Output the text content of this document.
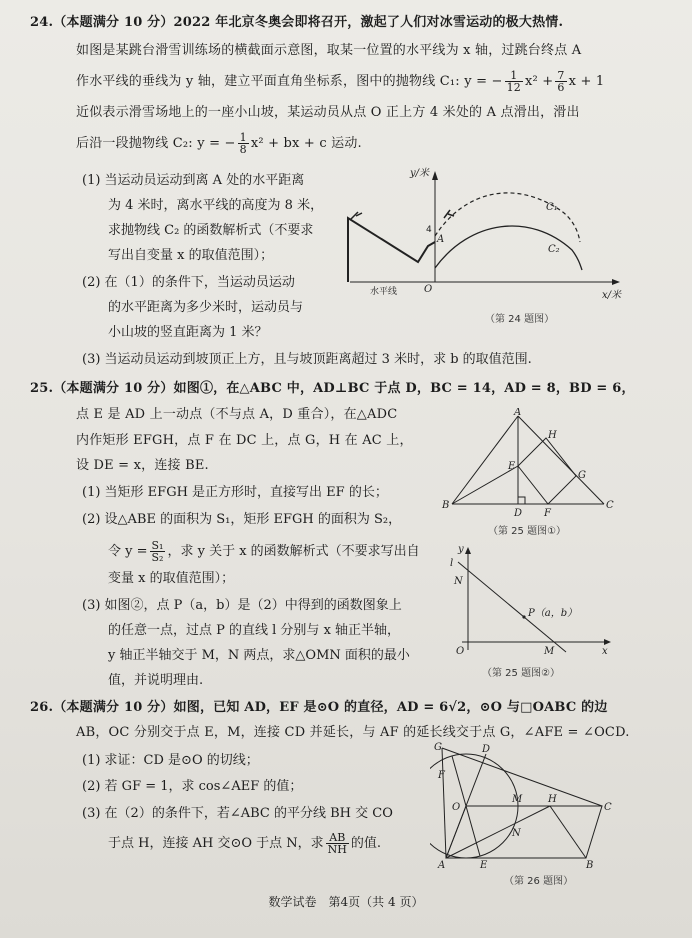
24.（本题满分 10 分）2022 年北京冬奥会即将召开，激起了人们对冰雪运动的极大热情.
如图是某跳台滑雪训练场的横截面示意图，取某一位置的水平线为 x 轴，过跳台终点 A
作水平线的垂线为 y 轴，建立平面直角坐标系，图中的抛物线 C₁: y = − $\frac{1}{12} x^2 + \frac{7}{6}$ x + 1
近似表示滑雪场地上的一座小山坡，某运动员从点 O 正上方 4 米处的 A 点滑出，滑出
后沿一段抛物线 C₂: y = − $\frac{1}{8} x^2$ + bx + c 运动.
(1) 当运动员运动到离 A 处的水平距离
为 4 米时，离水平线的高度为 8 米，
求抛物线 C₂ 的函数解析式（不要求
写出自变量 x 的取值范围）；
(2) 在（1）的条件下，当运动员运动
的水平距离为多少米时，运动员与
小山坡的竖直距离为 1 米？
(3) 当运动员运动到坡顶正上方，且与坡顶距离超过 3 米时，求 b 的取值范围.
y/米
x/米
水平线
A
O
4
C₁
C₂
（第 24 题图）
25.（本题满分 10 分）如图①，在△ABC 中，AD⊥BC 于点 D，BC = 14，AD = 8，BD = 6，
点 E 是 AD 上一动点（不与点 A，D 重合），在△ADC
内作矩形 EFGH，点 F 在 DC 上，点 G，H 在 AC 上，
设 DE = x，连接 BE.
(1) 当矩形 EFGH 是正方形时，直接写出 EF 的长；
(2) 设△ABE 的面积为 S₁，矩形 EFGH 的面积为 S₂，
令 $y = \frac{\text{S₁}}{\text{S₂}}$ ，求 y 关于 x 的函数解析式（不要求写出自
变量 x 的取值范围）；
(3) 如图②，点 P（a，b）是（2）中得到的函数图象上
的任意一点，过点 P 的直线 l 分别与 x 轴正半轴，
y 轴正半轴交于 M，N 两点，求△OMN 面积的最小
值，并说明理由.
A
B	C
D
E
F
G
H
（第 25 题图①）
y
l
N
P（a，b）
O	M	x
（第 25 题图②）
26.（本题满分 10 分）如图，已知 AD，EF 是⊙O 的直径，AD = 6√2，⊙O 与□OABC 的边
AB，OC 分别交于点 E，M，连接 CD 并延长，与 AF 的延长线交于点 G，∠AFE = ∠OCD.
(1) 求证：CD 是⊙O 的切线；
(2) 若 GF = 1，求 cos∠AEF 的值；
(3) 在（2）的条件下，若∠ABC 的平分线 BH 交 CO
于点 H，连接 AH 交⊙O 于点 N，求 $\frac{AB}{NH}$ 的值.
G	D
F
O
M	H
C
N
A	E	B
（第 26 题图）
数学试卷　第4页（共 4 页）
